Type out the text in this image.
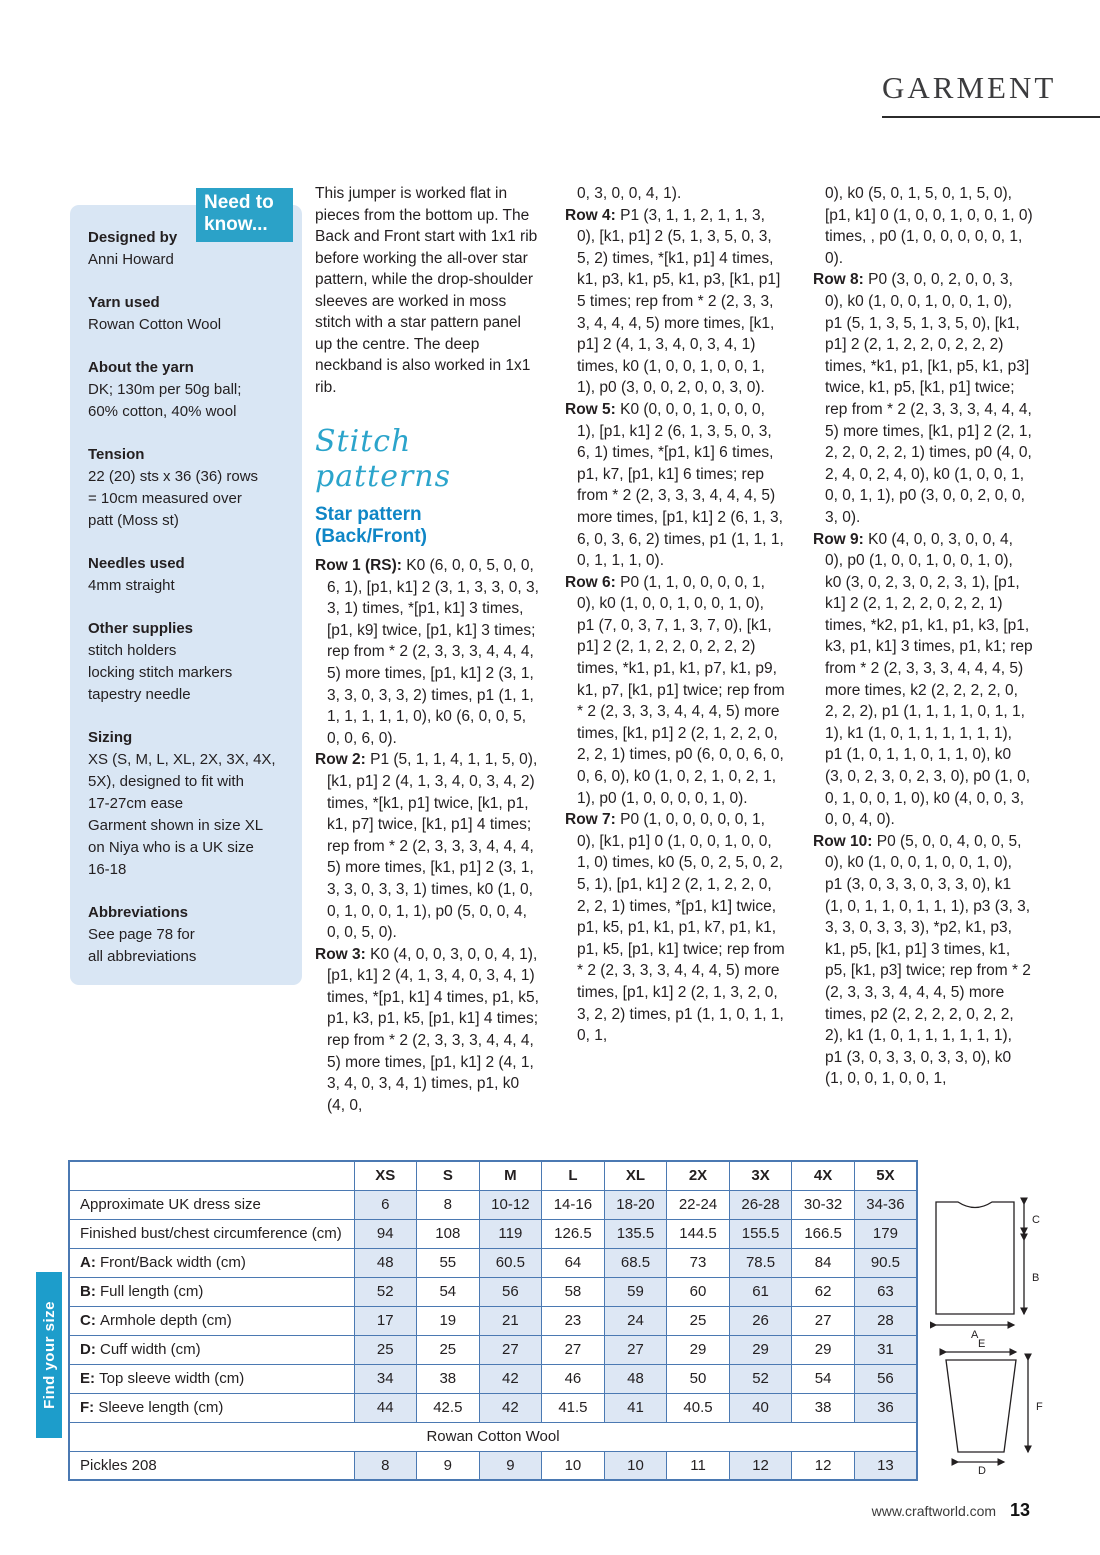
GARMENT
Designed by
Anni Howard
Yarn used
Rowan Cotton Wool
About the yarn
DK; 130m per 50g ball;
60% cotton, 40% wool
Tension
22 (20) sts x 36 (36) rows
= 10cm measured over
patt (Moss st)
Needles used
4mm straight
Other supplies
stitch holders
locking stitch markers
tapestry needle
Sizing
XS (S, M, L, XL, 2X, 3X, 4X,
5X), designed to fit with
17-27cm ease
Garment shown in size XL
on Niya who is a UK size
16-18
Abbreviations
See page 78 for
all abbreviations
Need to know...

This jumper is worked flat in pieces from the bottom up. The Back and Front start with 1x1 rib before working the all-over star pattern, while the drop-shoulder sleeves are worked in moss stitch with a star pattern panel up the centre. The deep neckband is also worked in 1x1 rib.

Stitch patterns
Star pattern
(Back/Front)

Row 1 (RS): K0 (6, 0, 0, 5, 0, 0, 6, 1), [p1, k1] 2 (3, 1, 3, 3, 0, 3, 3, 1) times, *[p1, k1] 3 times, [p1, k9] twice, [p1, k1] 3 times; rep from * 2 (2, 3, 3, 3, 4, 4, 4, 5) more times, [p1, k1] 2 (3, 1, 3, 3, 0, 3, 3, 2) times, p1 (1, 1, 1, 1, 1, 1, 1, 0), k0 (6, 0, 0, 5, 0, 0, 6, 0).

Row 2: P1 (5, 1, 1, 4, 1, 1, 5, 0), [k1, p1] 2 (4, 1, 3, 4, 0, 3, 4, 2) times, *[k1, p1] twice, [k1, p1, k1, p7] twice, [k1, p1] 4 times; rep from * 2 (2, 3, 3, 3, 4, 4, 4, 5) more times, [k1, p1] 2 (3, 1, 3, 3, 0, 3, 3, 1) times, k0 (1, 0, 0, 1, 0, 0, 1, 1), p0 (5, 0, 0, 4, 0, 0, 5, 0).

Row 3: K0 (4, 0, 0, 3, 0, 0, 4, 1), [p1, k1] 2 (4, 1, 3, 4, 0, 3, 4, 1) times, *[p1, k1] 4 times, p1, k5, p1, k3, p1, k5, [p1, k1] 4 times; rep from * 2 (2, 3, 3, 3, 4, 4, 4, 5) more times, [p1, k1] 2 (4, 1, 3, 4, 0, 3, 4, 1) times, p1, k0 (4, 0,

0, 3, 0, 0, 4, 1).

Row 4: P1 (3, 1, 1, 2, 1, 1, 3, 0), [k1, p1] 2 (5, 1, 3, 5, 0, 3, 5, 2) times, *[k1, p1] 4 times, k1, p3, k1, p5, k1, p3, [k1, p1] 5 times; rep from * 2 (2, 3, 3, 3, 4, 4, 4, 5) more times, [k1, p1] 2 (4, 1, 3, 4, 0, 3, 4, 1) times, k0 (1, 0, 0, 1, 0, 0, 1, 1), p0 (3, 0, 0, 2, 0, 0, 3, 0).

Row 5: K0 (0, 0, 0, 1, 0, 0, 0, 1), [p1, k1] 2 (6, 1, 3, 5, 0, 3, 6, 1) times, *[p1, k1] 6 times, p1, k7, [p1, k1] 6 times; rep from * 2 (2, 3, 3, 3, 4, 4, 4, 5) more times, [p1, k1] 2 (6, 1, 3, 6, 0, 3, 6, 2) times, p1 (1, 1, 1, 0, 1, 1, 1, 0).

Row 6: P0 (1, 1, 0, 0, 0, 0, 1, 0), k0 (1, 0, 0, 1, 0, 0, 1, 0), p1 (7, 0, 3, 7, 1, 3, 7, 0), [k1, p1] 2 (2, 1, 2, 2, 0, 2, 2, 2) times, *k1, p1, k1, p7, k1, p9, k1, p7, [k1, p1] twice; rep from * 2 (2, 3, 3, 3, 4, 4, 4, 5) more times, [k1, p1] 2 (2, 1, 2, 2, 0, 2, 2, 1) times, p0 (6, 0, 0, 6, 0, 0, 6, 0), k0 (1, 0, 2, 1, 0, 2, 1, 1), p0 (1, 0, 0, 0, 0, 1, 0).

Row 7: P0 (1, 0, 0, 0, 0, 0, 1, 0), [k1, p1] 0 (1, 0, 0, 1, 0, 0, 1, 0) times, k0 (5, 0, 2, 5, 0, 2, 5, 1), [p1, k1] 2 (2, 1, 2, 2, 0, 2, 2, 1) times, *[p1, k1] twice, p1, k5, p1, k1, p1, k7, p1, k1, p1, k5, [p1, k1] twice; rep from * 2 (2, 3, 3, 3, 4, 4, 4, 5) more times, [p1, k1] 2 (2, 1, 3, 2, 0, 3, 2, 2) times, p1 (1, 1, 0, 1, 1, 0, 1,

0), k0 (5, 0, 1, 5, 0, 1, 5, 0), [p1, k1] 0 (1, 0, 0, 1, 0, 0, 1, 0) times, , p0 (1, 0, 0, 0, 0, 0, 1, 0).

Row 8: P0 (3, 0, 0, 2, 0, 0, 3, 0), k0 (1, 0, 0, 1, 0, 0, 1, 0), p1 (5, 1, 3, 5, 1, 3, 5, 0), [k1, p1] 2 (2, 1, 2, 2, 0, 2, 2, 2) times, *k1, p1, [k1, p5, k1, p3] twice, k1, p5, [k1, p1] twice; rep from * 2 (2, 3, 3, 3, 4, 4, 4, 5) more times, [k1, p1] 2 (2, 1, 2, 2, 0, 2, 2, 1) times, p0 (4, 0, 2, 4, 0, 2, 4, 0), k0 (1, 0, 0, 1, 0, 0, 1, 1), p0 (3, 0, 0, 2, 0, 0, 3, 0).

Row 9: K0 (4, 0, 0, 3, 0, 0, 4, 0), p0 (1, 0, 0, 1, 0, 0, 1, 0), k0 (3, 0, 2, 3, 0, 2, 3, 1), [p1, k1] 2 (2, 1, 2, 2, 0, 2, 2, 1) times, *k2, p1, k1, p1, k3, [p1, k3, p1, k1] 3 times, p1, k1; rep from * 2 (2, 3, 3, 3, 4, 4, 4, 5) more times, k2 (2, 2, 2, 2, 0, 2, 2, 2), p1 (1, 1, 1, 1, 0, 1, 1, 1), k1 (1, 0, 1, 1, 1, 1, 1, 1), p1 (1, 0, 1, 1, 0, 1, 1, 0), k0 (3, 0, 2, 3, 0, 2, 3, 0), p0 (1, 0, 0, 1, 0, 0, 1, 0), k0 (4, 0, 0, 3, 0, 0, 4, 0).

Row 10: P0 (5, 0, 0, 4, 0, 0, 5, 0), k0 (1, 0, 0, 1, 0, 0, 1, 0), p1 (3, 0, 3, 3, 0, 3, 3, 0), k1 (1, 0, 1, 1, 0, 1, 1, 1), p3 (3, 3, 3, 3, 0, 3, 3, 3), *p2, k1, p3, k1, p5, [k1, p1] 3 times, k1, p5, [k1, p3] twice; rep from * 2 (2, 3, 3, 3, 4, 4, 4, 5) more times, p2 (2, 2, 2, 2, 0, 2, 2, 2), k1 (1, 0, 1, 1, 1, 1, 1, 1), p1 (3, 0, 3, 3, 0, 3, 3, 0), k0 (1, 0, 0, 1, 0, 0, 1,

Find your size
	XS	S	M	L	XL	2X	3X	4X	5X
Approximate UK dress size	6	8	10-12	14-16	18-20	22-24	26-28	30-32	34-36
Finished bust/chest circumference (cm)	94	108	119	126.5	135.5	144.5	155.5	166.5	179
A: Front/Back width (cm)	48	55	60.5	64	68.5	73	78.5	84	90.5
B: Full length (cm)	52	54	56	58	59	60	61	62	63
C: Armhole depth (cm)	17	19	21	23	24	25	26	27	28
D: Cuff width (cm)	25	25	27	27	27	29	29	29	31
E: Top sleeve width (cm)	34	38	42	46	48	50	52	54	56
F: Sleeve length (cm)	44	42.5	42	41.5	41	40.5	40	38	36
Rowan Cotton Wool									
Pickles 208	8	9	9	10	10	11	12	12	13
C
B
A
E
F
D
www.craftworld.com 13
